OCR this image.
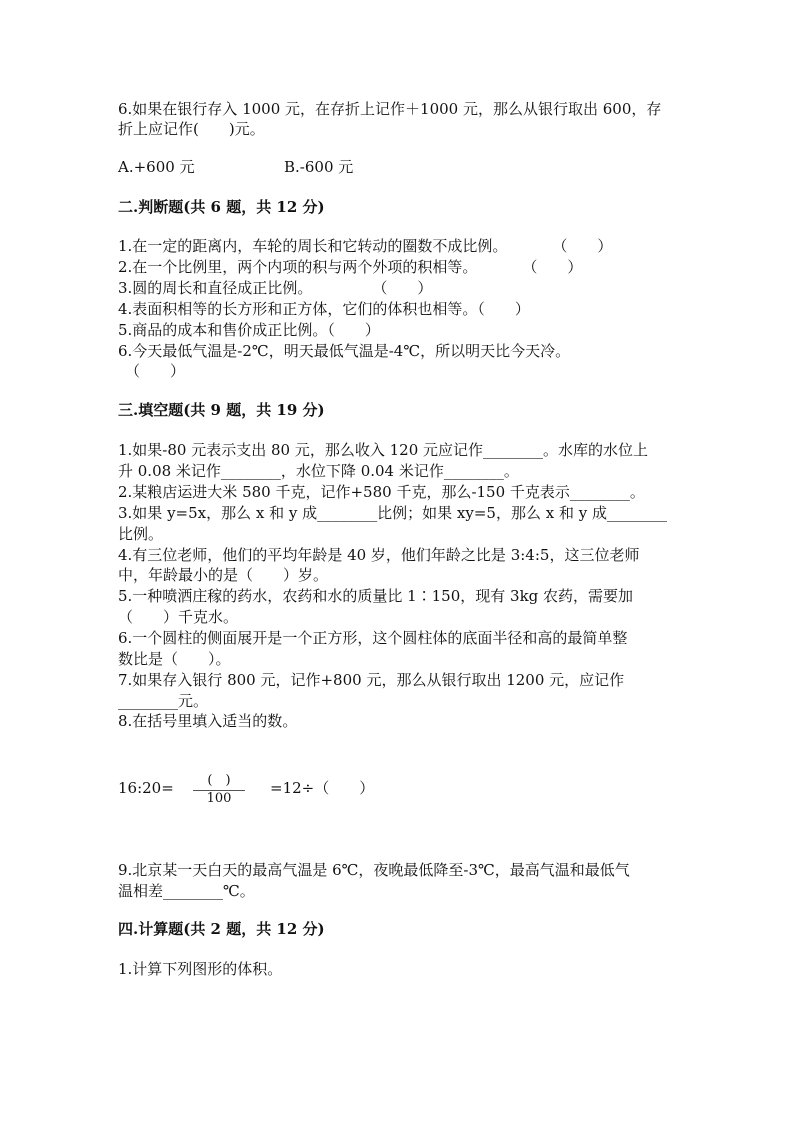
6.如果在银行存入 1000 元，在存折上记作＋1000 元，那么从银行取出 600，存
折上应记作(　　)元。
A.+600 元	B.-600 元
二.判断题(共 6 题，共 12 分)
1.在一定的距离内，车轮的周长和它转动的圈数不成比例。　　　　（　　）
2.在一个比例里，两个内项的积与两个外项的积相等。　　　　（　　）
3.圆的周长和直径成正比例。　　　　　（　　）
4.表面积相等的长方形和正方体，它们的体积也相等。（　　）
5.商品的成本和售价成正比例。（　　）
6.今天最低气温是-2℃，明天最低气温是-4℃，所以明天比今天冷。
（　　）
三.填空题(共 9 题，共 19 分)
1.如果-80 元表示支出 80 元，那么收入 120 元应记作________。水库的水位上
升 0.08 米记作________，水位下降 0.04 米记作________。
2.某粮店运进大米 580 千克，记作+580 千克，那么-150 千克表示________。
3.如果 y=5x，那么 x 和 y 成________比例；如果 xy=5，那么 x 和 y 成________
比例。
4.有三位老师，他们的平均年龄是 40 岁，他们年龄之比是 3:4:5，这三位老师
中，年龄最小的是（　　）岁。
5.一种喷洒庄稼的药水，农药和水的质量比 1∶150，现有 3kg 农药，需要加
（　　）千克水。
6.一个圆柱的侧面展开是一个正方形，这个圆柱体的底面半径和高的最简单整
数比是（　　）。
7.如果存入银行 800 元，记作+800 元，那么从银行取出 1200 元，应记作
________元。
8.在括号里填入适当的数。
16:20=	(　)
100
=12÷（　　）
9.北京某一天白天的最高气温是 6℃，夜晚最低降至-3℃，最高气温和最低气
温相差________℃。
四.计算题(共 2 题，共 12 分)
1.计算下列图形的体积。
